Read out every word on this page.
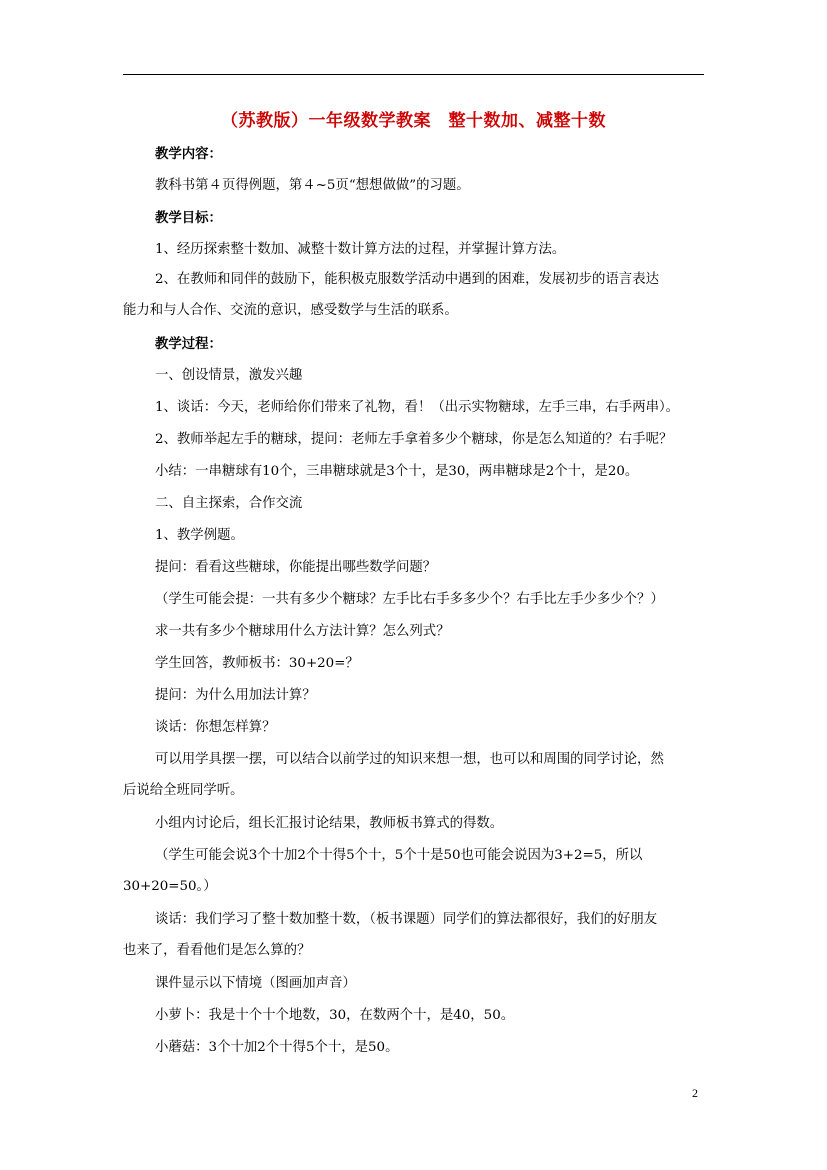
（苏教版）一年级数学教案　整十数加、减整十数
教学内容：
教科书第４页得例题，第４~5页“想想做做”的习题。
教学目标：
1、经历探索整十数加、减整十数计算方法的过程，并掌握计算方法。
2、在教师和同伴的鼓励下，能积极克服数学活动中遇到的困难，发展初步的语言表达
能力和与人合作、交流的意识，感受数学与生活的联系。
教学过程：
一、创设情景，激发兴趣
1、谈话：今天，老师给你们带来了礼物，看！（出示实物糖球，左手三串，右手两串）。
2、教师举起左手的糖球，提问：老师左手拿着多少个糖球，你是怎么知道的？右手呢？
小结：一串糖球有10个，三串糖球就是3个十，是30，两串糖球是2个十，是20。
二、自主探索，合作交流
1、教学例题。
提问：看看这些糖球，你能提出哪些数学问题？
（学生可能会提：一共有多少个糖球？左手比右手多多少个？右手比左手少多少个？）
求一共有多少个糖球用什么方法计算？怎么列式？
学生回答，教师板书：30+20=？
提问：为什么用加法计算？
谈话：你想怎样算？
可以用学具摆一摆，可以结合以前学过的知识来想一想，也可以和周围的同学讨论，然
后说给全班同学听。
小组内讨论后，组长汇报讨论结果，教师板书算式的得数。
（学生可能会说3个十加2个十得5个十，5个十是50也可能会说因为3+2=5，所以
30+20=50。）
谈话：我们学习了整十数加整十数，（板书课题）同学们的算法都很好，我们的好朋友
也来了，看看他们是怎么算的？
课件显示以下情境（图画加声音）
小萝卜：我是十个十个地数，30，在数两个十，是40，50。
小蘑菇：3个十加2个十得5个十，是50。
2
